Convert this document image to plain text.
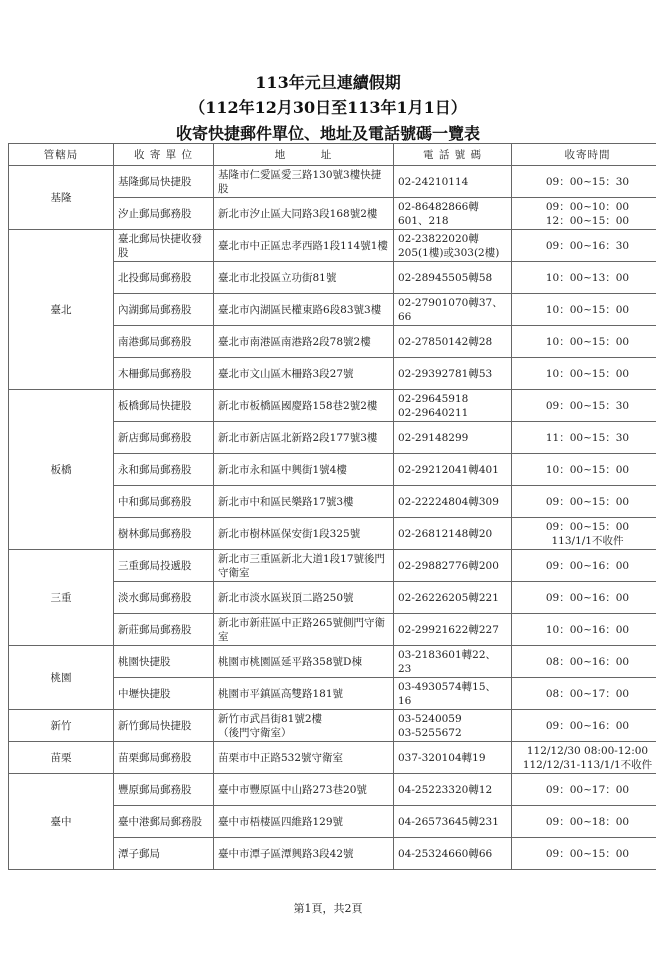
113年元旦連續假期
（112年12月30日至113年1月1日）
收寄快捷郵件單位、地址及電話號碼一覽表
管轄局	收 寄 單 位	地　　　址	電 話 號 碼	收寄時間
基隆	基隆郵局快捷股	基隆市仁愛區愛三路130號3樓快捷股	02-24210114	09：00~15：30
	汐止郵局郵務股	新北市汐止區大同路3段168號2樓	02-86482866轉601、218	09：00~10：00
12：00~15：00
臺北	臺北郵局快捷收發股	臺北市中正區忠孝西路1段114號1樓	02-23822020轉205(1樓)或303(2樓)	09：00~16：30
	北投郵局郵務股	臺北市北投區立功街81號	02-28945505轉58	10：00~13：00
	內湖郵局郵務股	臺北市內湖區民權東路6段83號3樓	02-27901070轉37、66	10：00~15：00
	南港郵局郵務股	臺北市南港區南港路2段78號2樓	02-27850142轉28	10：00~15：00
	木柵郵局郵務股	臺北市文山區木柵路3段27號	02-29392781轉53	10：00~15：00
板橋	板橋郵局快捷股	新北市板橋區國慶路158巷2號2樓	02-29645918
02-29640211	09：00~15：30
	新店郵局郵務股	新北市新店區北新路2段177號3樓	02-29148299	11：00~15：30
	永和郵局郵務股	新北市永和區中興街1號4樓	02-29212041轉401	10：00~15：00
	中和郵局郵務股	新北市中和區民樂路17號3樓	02-22224804轉309	09：00~15：00
	樹林郵局郵務股	新北市樹林區保安街1段325號	02-26812148轉20	09：00~15：00
113/1/1不收件
三重	三重郵局投遞股	新北市三重區新北大道1段17號後門守衛室	02-29882776轉200	09：00~16：00
	淡水郵局郵務股	新北市淡水區崁頂二路250號	02-26226205轉221	09：00~16：00
	新莊郵局郵務股	新北市新莊區中正路265號側門守衛室	02-29921622轉227	10：00~16：00
桃園	桃園快捷股	桃園市桃園區延平路358號D棟	03-2183601轉22、23	08：00~16：00
	中壢快捷股	桃園市平鎮區高雙路181號	03-4930574轉15、16	08：00~17：00
新竹	新竹郵局快捷股	新竹市武昌街81號2樓
（後門守衛室）	03-5240059
03-5255672	09：00~16：00
苗栗	苗栗郵局郵務股	苗栗市中正路532號守衛室	037-320104轉19	112/12/30 08:00-12:00
112/12/31-113/1/1不收件
臺中	豐原郵局郵務股	臺中市豐原區中山路273巷20號	04-25223320轉12	09：00~17：00
	臺中港郵局郵務股	臺中市梧棲區四維路129號	04-26573645轉231	09：00~18：00
	潭子郵局	臺中市潭子區潭興路3段42號	04-25324660轉66	09：00~15：00
第1頁，共2頁
